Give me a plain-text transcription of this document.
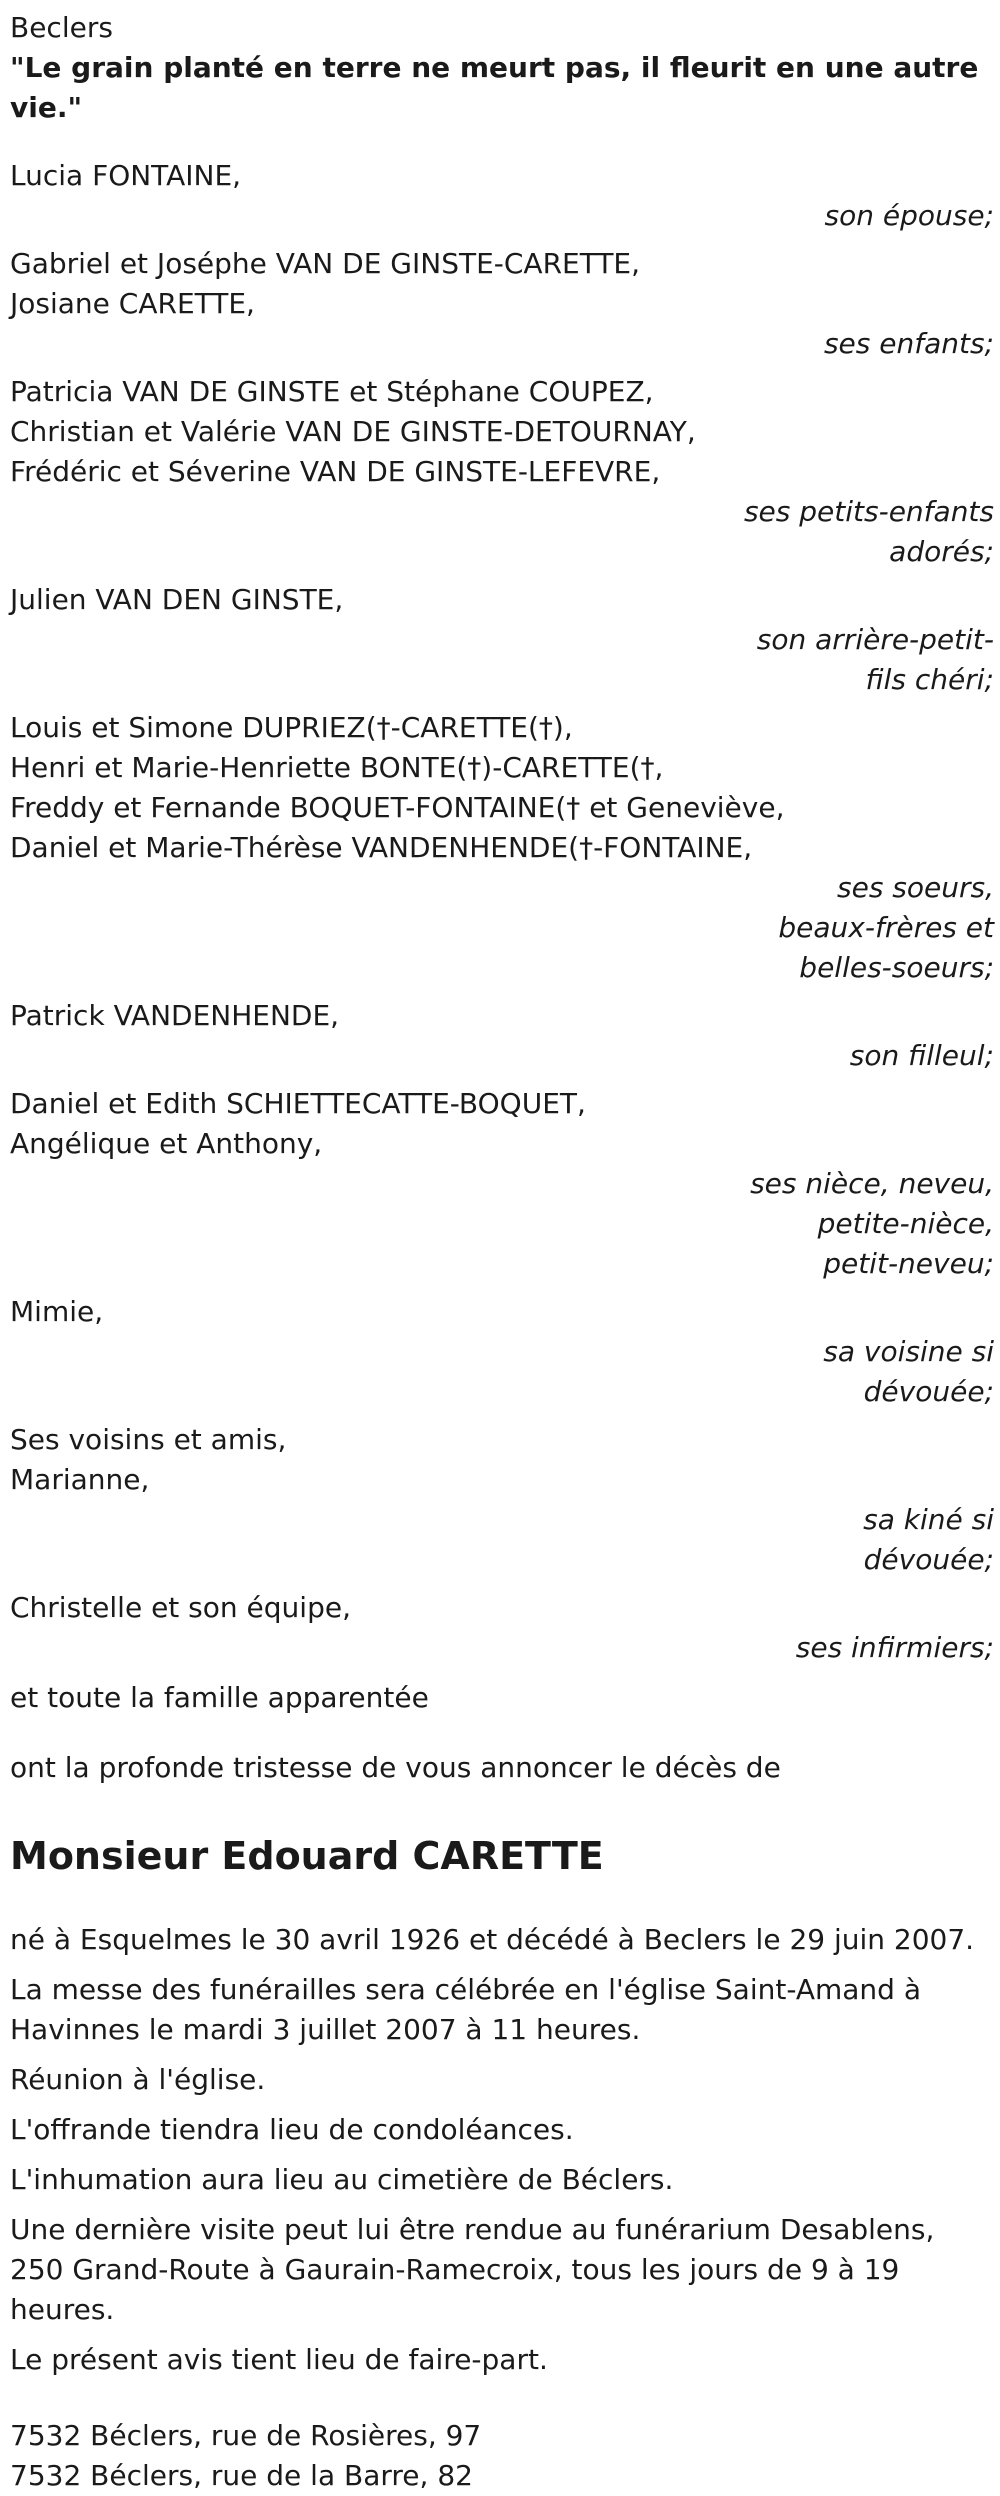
Beclers
"Le grain planté en terre ne meurt pas, il fleurit en une autre vie."
Lucia FONTAINE,
son épouse;
Gabriel et Joséphe VAN DE GINSTE-CARETTE,
Josiane CARETTE,
ses enfants;
Patricia VAN DE GINSTE et Stéphane COUPEZ,
Christian et Valérie VAN DE GINSTE-DETOURNAY,
Frédéric et Séverine VAN DE GINSTE-LEFEVRE,
ses petits-enfants adorés;
Julien VAN DEN GINSTE,
son arrière-petit-fils chéri;
Louis et Simone DUPRIEZ(†-CARETTE(†),
Henri et Marie-Henriette BONTE(†)-CARETTE(†,
Freddy et Fernande BOQUET-FONTAINE(† et Geneviève,
Daniel et Marie-Thérèse VANDENHENDE(†-FONTAINE,
ses soeurs, beaux-frères et belles-soeurs;
Patrick VANDENHENDE,
son filleul;
Daniel et Edith SCHIETTECATTE-BOQUET,
Angélique et Anthony,
ses nièce, neveu, petite-nièce, petit-neveu;
Mimie,
sa voisine si dévouée;
Ses voisins et amis,
Marianne,
sa kiné si dévouée;
Christelle et son équipe,
ses infirmiers;
et toute la famille apparentée
ont la profonde tristesse de vous annoncer le décès de
Monsieur Edouard CARETTE
né à Esquelmes le 30 avril 1926 et décédé à Beclers le 29 juin 2007.
La messe des funérailles sera célébrée en l'église Saint-Amand à Havinnes le mardi 3 juillet 2007 à 11 heures.
Réunion à l'église.
L'offrande tiendra lieu de condoléances.
L'inhumation aura lieu au cimetière de Béclers.
Une dernière visite peut lui être rendue au funérarium Desablens, 250 Grand-Route à Gaurain-Ramecroix, tous les jours de 9 à 19 heures.
Le présent avis tient lieu de faire-part.
7532 Béclers, rue de Rosières, 97
7532 Béclers, rue de la Barre, 82
